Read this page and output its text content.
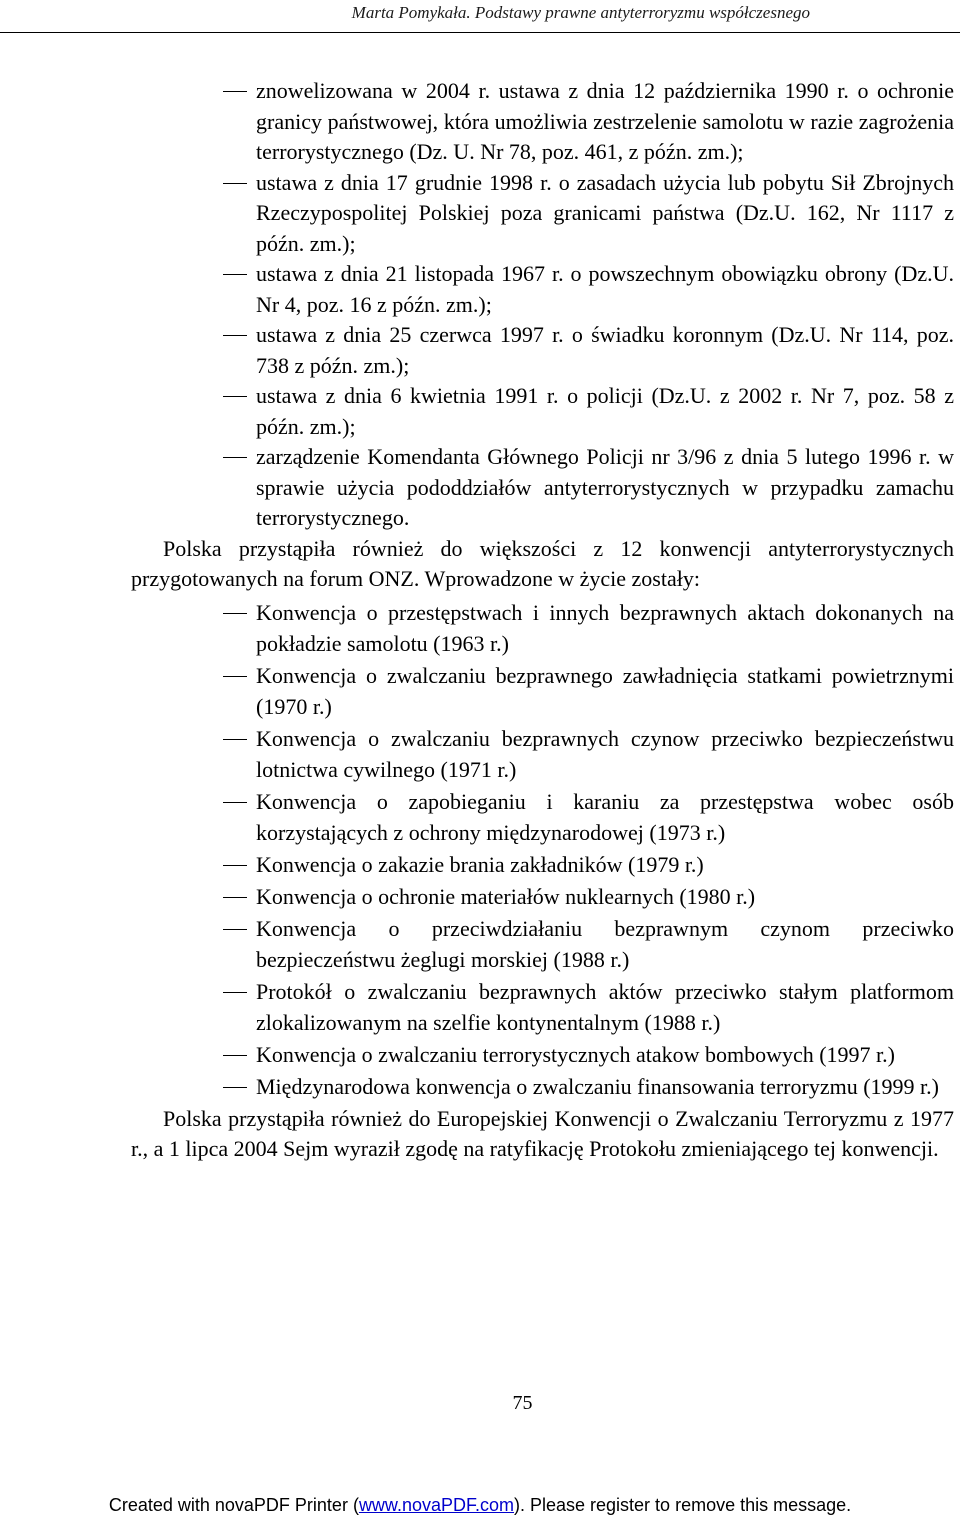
Marta Pomykała. Podstawy prawne antyterroryzmu współczesnego
znowelizowana w 2004 r. ustawa z dnia 12 października 1990 r. o ochronie granicy państwowej, która umożliwia zestrzelenie samolotu w razie zagrożenia terrorystycznego (Dz. U. Nr 78, poz. 461, z późn. zm.);
ustawa z dnia 17 grudnie 1998 r. o zasadach użycia lub pobytu Sił Zbrojnych Rzeczypospolitej Polskiej poza granicami państwa (Dz.U. 162, Nr 1117 z późn. zm.);
ustawa z dnia 21 listopada 1967 r. o powszechnym obowiązku obrony (Dz.U. Nr 4, poz. 16 z późn. zm.);
ustawa z dnia 25 czerwca 1997 r. o świadku koronnym (Dz.U. Nr 114, poz. 738 z późn. zm.);
ustawa z dnia 6 kwietnia 1991 r. o policji (Dz.U. z 2002 r. Nr 7, poz. 58 z późn. zm.);
zarządzenie Komendanta Głównego Policji nr 3/96 z dnia 5 lutego 1996 r. w sprawie użycia pododdziałów antyterrorystycznych w przypadku zamachu terrorystycznego.

Polska przystąpiła również do większości z 12 konwencji antyterrorystycznych przygotowanych na forum ONZ. Wprowadzone w życie zostały:

Konwencja o przestępstwach i innych bezprawnych aktach dokonanych na pokładzie samolotu (1963 r.)
Konwencja o zwalczaniu bezprawnego zawładnięcia statkami powietrznymi (1970 r.)
Konwencja o zwalczaniu bezprawnych czynow przeciwko bezpieczeństwu lotnictwa cywilnego (1971 r.)
Konwencja o zapobieganiu i karaniu za przestępstwa wobec osób korzystających z ochrony międzynarodowej (1973 r.)
Konwencja o zakazie brania zakładników (1979 r.)
Konwencja o ochronie materiałów nuklearnych (1980 r.)
Konwencja o przeciwdziałaniu bezprawnym czynom przeciwko bezpieczeństwu żeglugi morskiej (1988 r.)
Protokół o zwalczaniu bezprawnych aktów przeciwko stałym platformom zlokalizowanym na szelfie kontynentalnym (1988 r.)
Konwencja o zwalczaniu terrorystycznych atakow bombowych (1997 r.)
Międzynarodowa konwencja o zwalczaniu finansowania terroryzmu (1999 r.)

Polska przystąpiła również do Europejskiej Konwencji o Zwalczaniu Terroryzmu z 1977 r., a 1 lipca 2004 Sejm wyraził zgodę na ratyfikację Protokołu zmieniającego tej konwencji.

75
Created with novaPDF Printer (www.novaPDF.com). Please register to remove this message.
